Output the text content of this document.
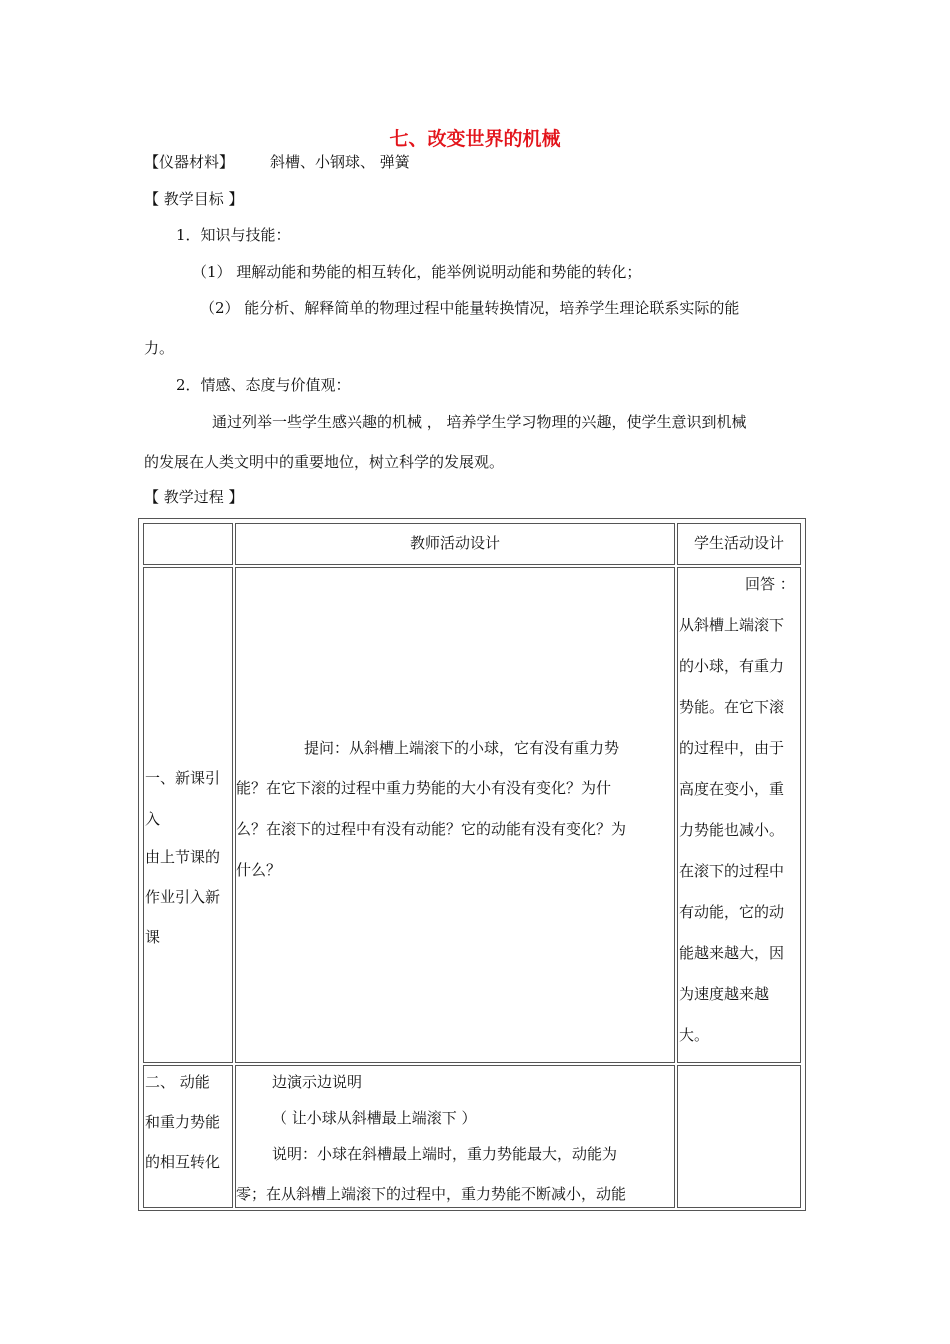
七、改变世界的机械
【仪器材料】 斜槽、小钢球、 弹簧
【 教学目标 】
1．知识与技能：
（1） 理解动能和势能的相互转化，能举例说明动能和势能的转化；
（2） 能分析、解释简单的物理过程中能量转换情况，培养学生理论联系实际的能
力。
2．情感、态度与价值观：
通过列举一些学生感兴趣的机械 ， 培养学生学习物理的兴趣，使学生意识到机械
的发展在人类文明中的重要地位，树立科学的发展观。
【 教学过程 】
教师活动设计	学生活动设计
一、新课引
入
由上节课的
作业引入新
课
提问：从斜槽上端滚下的小球，它有没有重力势
能？在它下滚的过程中重力势能的大小有没有变化？为什
么？在滚下的过程中有没有动能？它的动能有没有变化？为
什么？
回答 ：
从斜槽上端滚下
的小球，有重力
势能。在它下滚
的过程中，由于
高度在变小，重
力势能也减小。
在滚下的过程中
有动能，它的动
能越来越大，因
为速度越来越
大。
二、 动能
和重力势能
的相互转化
边演示边说明
（ 让小球从斜槽最上端滚下 ）
说明：小球在斜槽最上端时，重力势能最大，动能为
零；在从斜槽上端滚下的过程中，重力势能不断减小，动能
